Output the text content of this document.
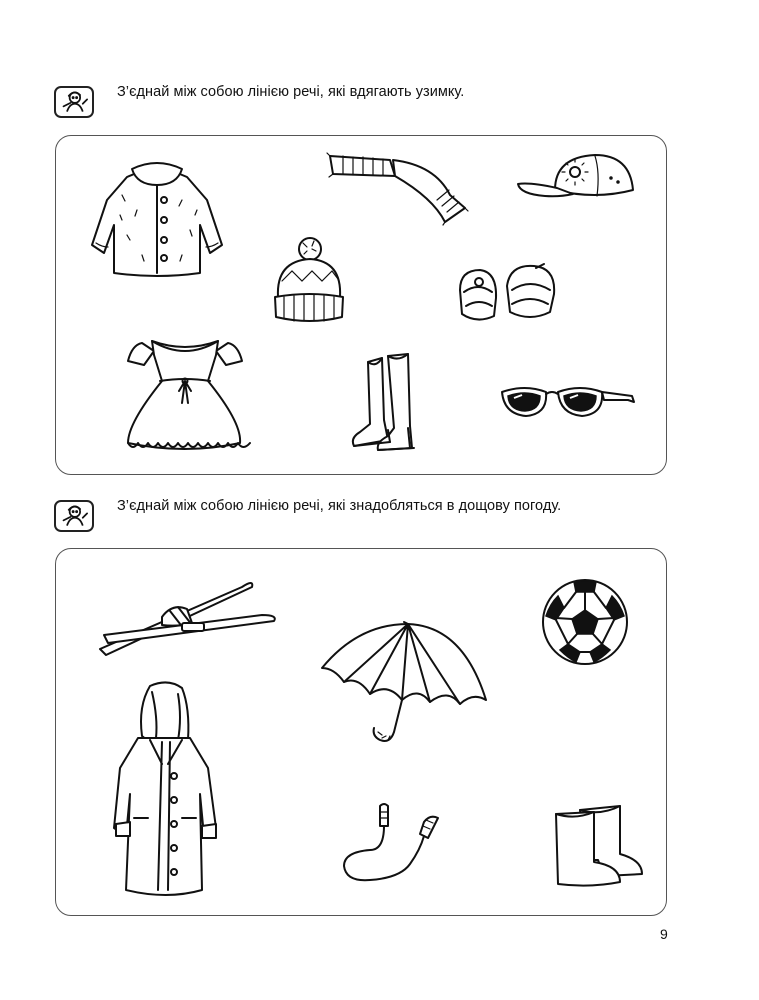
З’єднай між собою лінією речі, які вдягають узимку.
З’єднай між собою лінією речі, які знадобляться в дощову погоду.
9
